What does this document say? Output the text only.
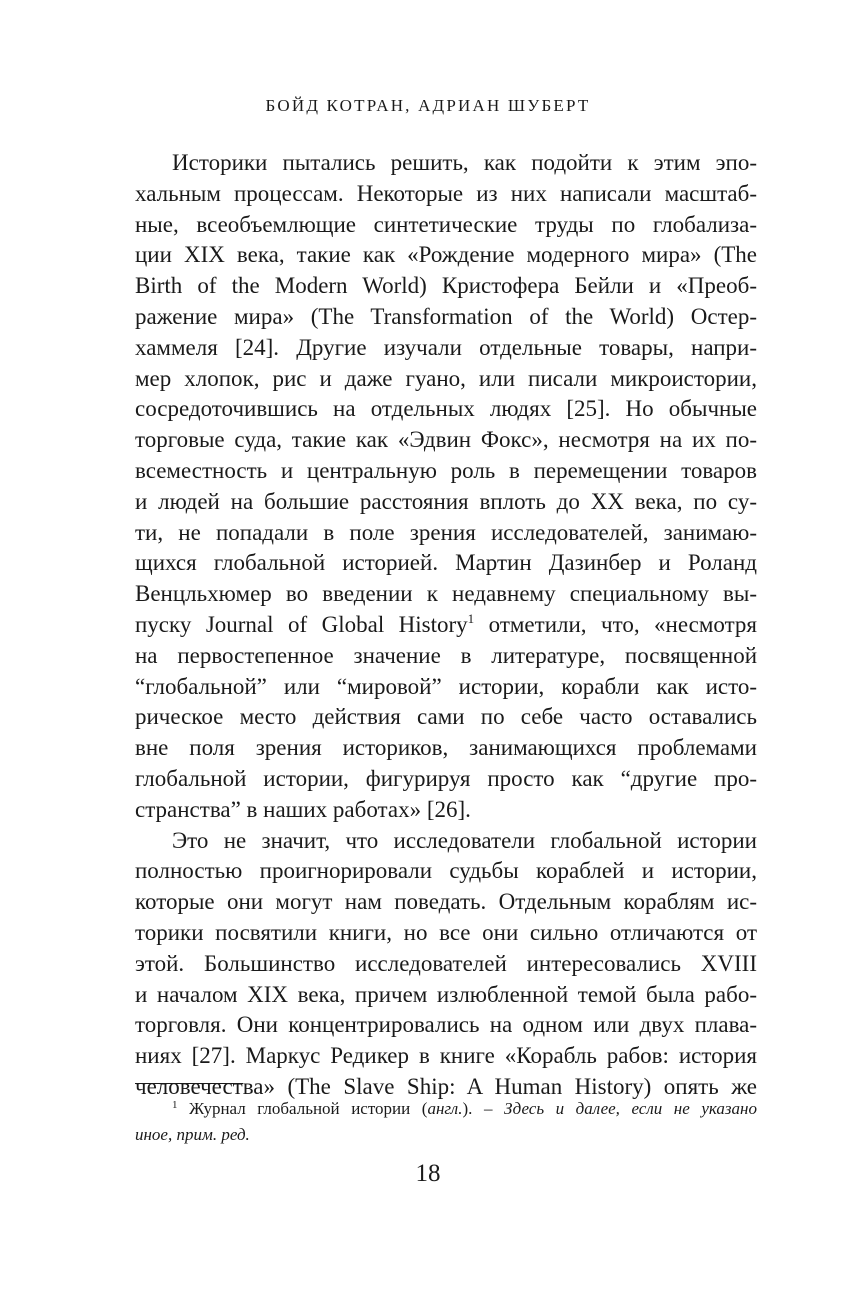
БОЙД КОТРАН, АДРИАН ШУБЕРТ
Историки пытались решить, как подойти к этим эпо-
хальным процессам. Некоторые из них написали масштаб-
ные, всеобъемлющие синтетические труды по глобализа-
ции XIX века, такие как «Рождение модерного мира» (The
Birth of the Modern World) Кристофера Бейли и «Преоб-
ражение мира» (The Transformation of the World) Остер-
хаммеля [24]. Другие изучали отдельные товары, напри-
мер хлопок, рис и даже гуано, или писали микроистории,
сосредоточившись на отдельных людях [25]. Но обычные
торговые суда, такие как «Эдвин Фокс», несмотря на их по-
всеместность и центральную роль в перемещении товаров
и людей на большие расстояния вплоть до XX века, по су-
ти, не попадали в поле зрения исследователей, занимаю-
щихся глобальной историей. Мартин Дазинбер и Роланд
Венцльхюмер во введении к недавнему специальному вы-
пуску Journal of Global History$^1$ отметили, что, «несмотря
на первостепенное значение в литературе, посвященной
“глобальной” или “мировой” истории, корабли как исто-
рическое место действия сами по себе часто оставались
вне поля зрения историков, занимающихся проблемами
глобальной истории, фигурируя просто как “другие про-
странства” в наших работах» [26].
Это не значит, что исследователи глобальной истории
полностью проигнорировали судьбы кораблей и истории,
которые они могут нам поведать. Отдельным кораблям ис-
торики посвятили книги, но все они сильно отличаются от
этой. Большинство исследователей интересовались XVIII
и началом XIX века, причем излюбленной темой была рабо-
торговля. Они концентрировались на одном или двух плава-
ниях [27]. Маркус Редикер в книге «Корабль рабов: история
человечества» (The Slave Ship: A Human History) опять же
$^1$ Журнал глобальной истории (англ.). – Здесь и далее, если не указано
иное, прим. ред.
18
